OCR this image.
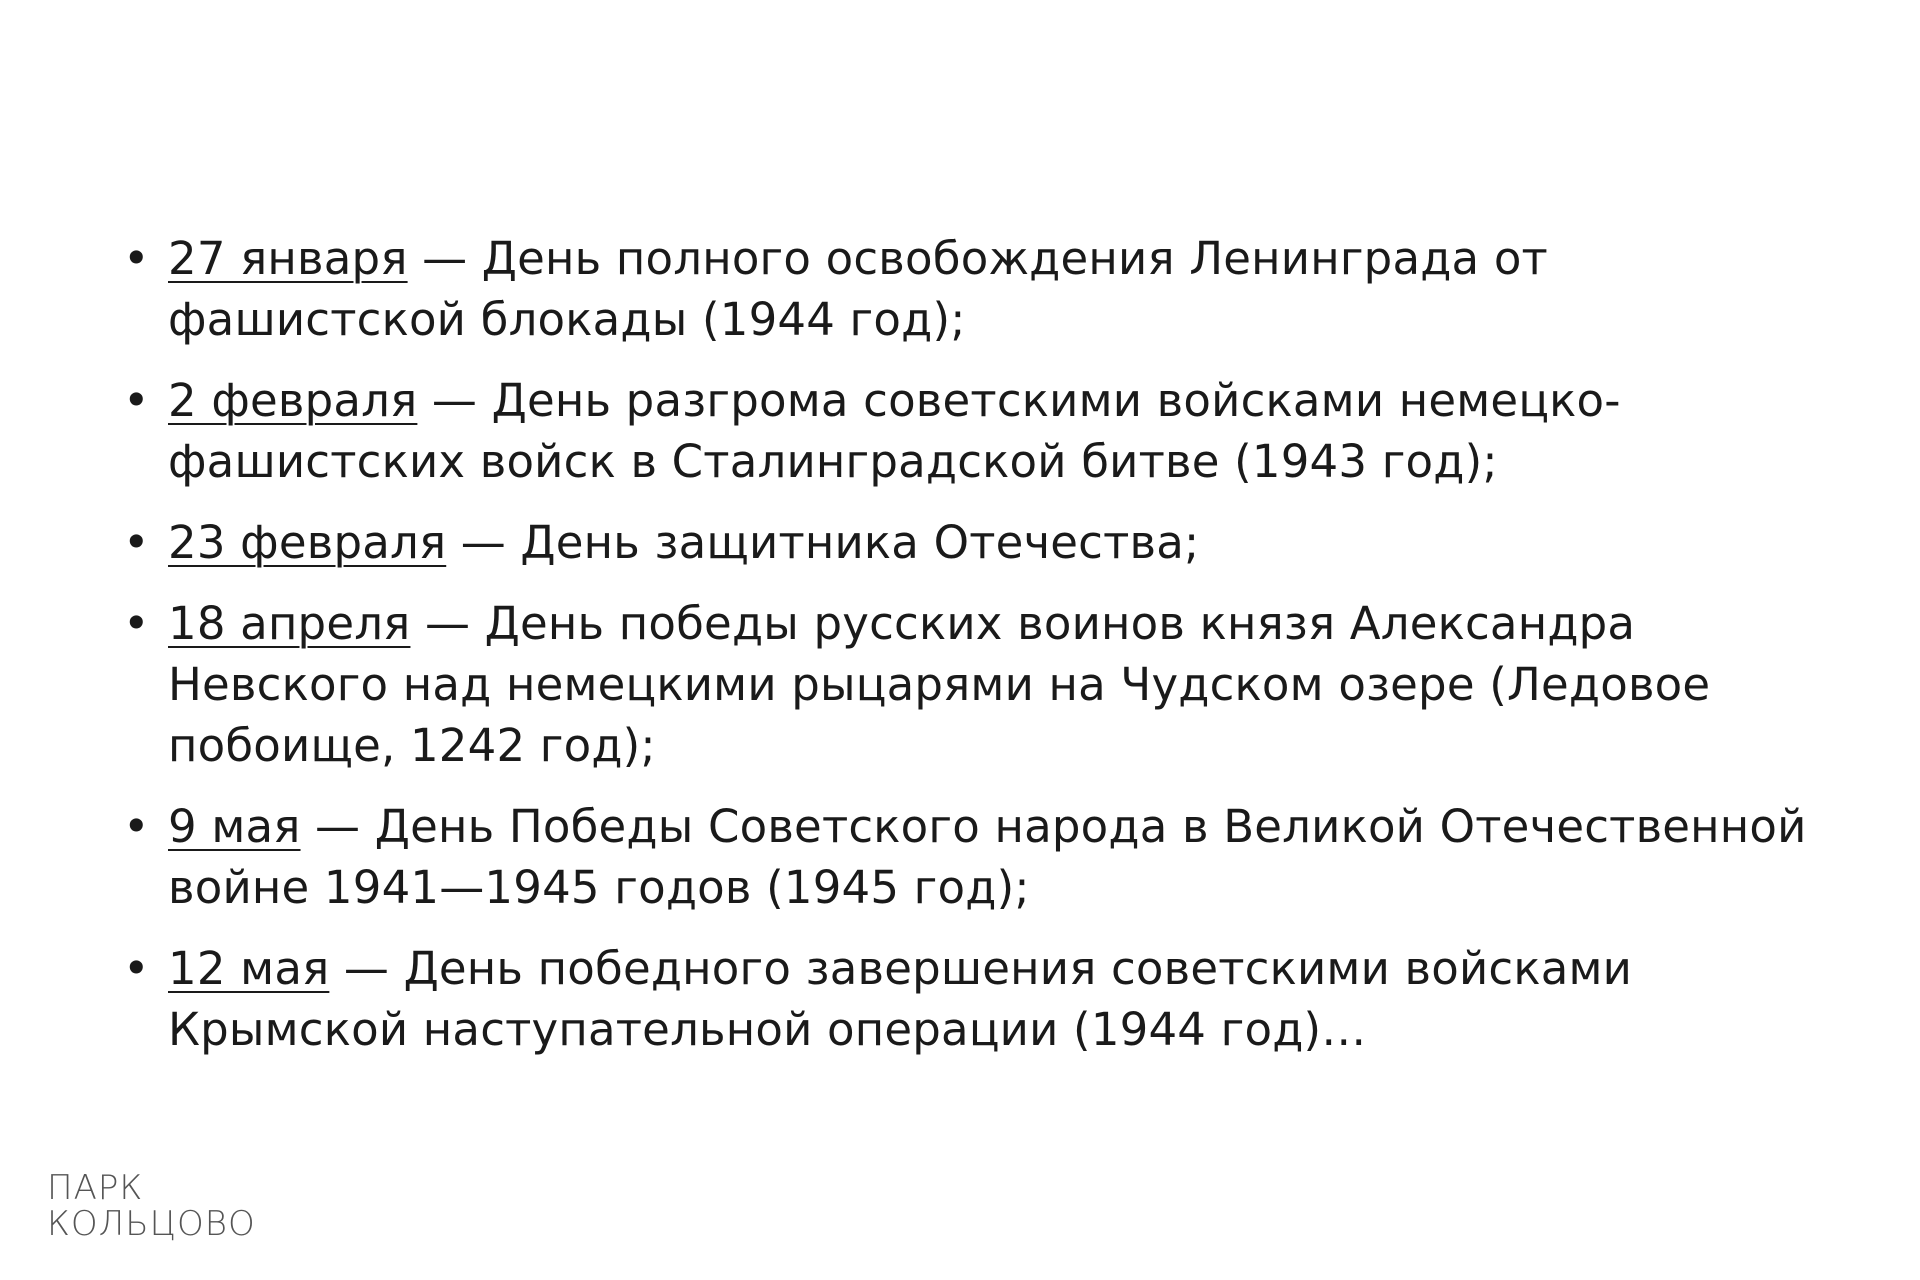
• 27 января — День полного освобождения Ленинграда от фашистской блокады (1944 год);
• 2 февраля — День разгрома советскими войсками немецко-фашистских войск в Сталинградской битве (1943 год);
• 23 февраля — День защитника Отечества;
• 18 апреля — День победы русских воинов князя Александра Невского над немецкими рыцарями на Чудском озере (Ледовое побоище, 1242 год);
• 9 мая — День Победы Советского народа в Великой Отечественной войне 1941—1945 годов (1945 год);
• 12 мая — День победного завершения советскими войсками Крымской наступательной операции (1944 год)…
ПАРК
КОЛЬЦОВО
